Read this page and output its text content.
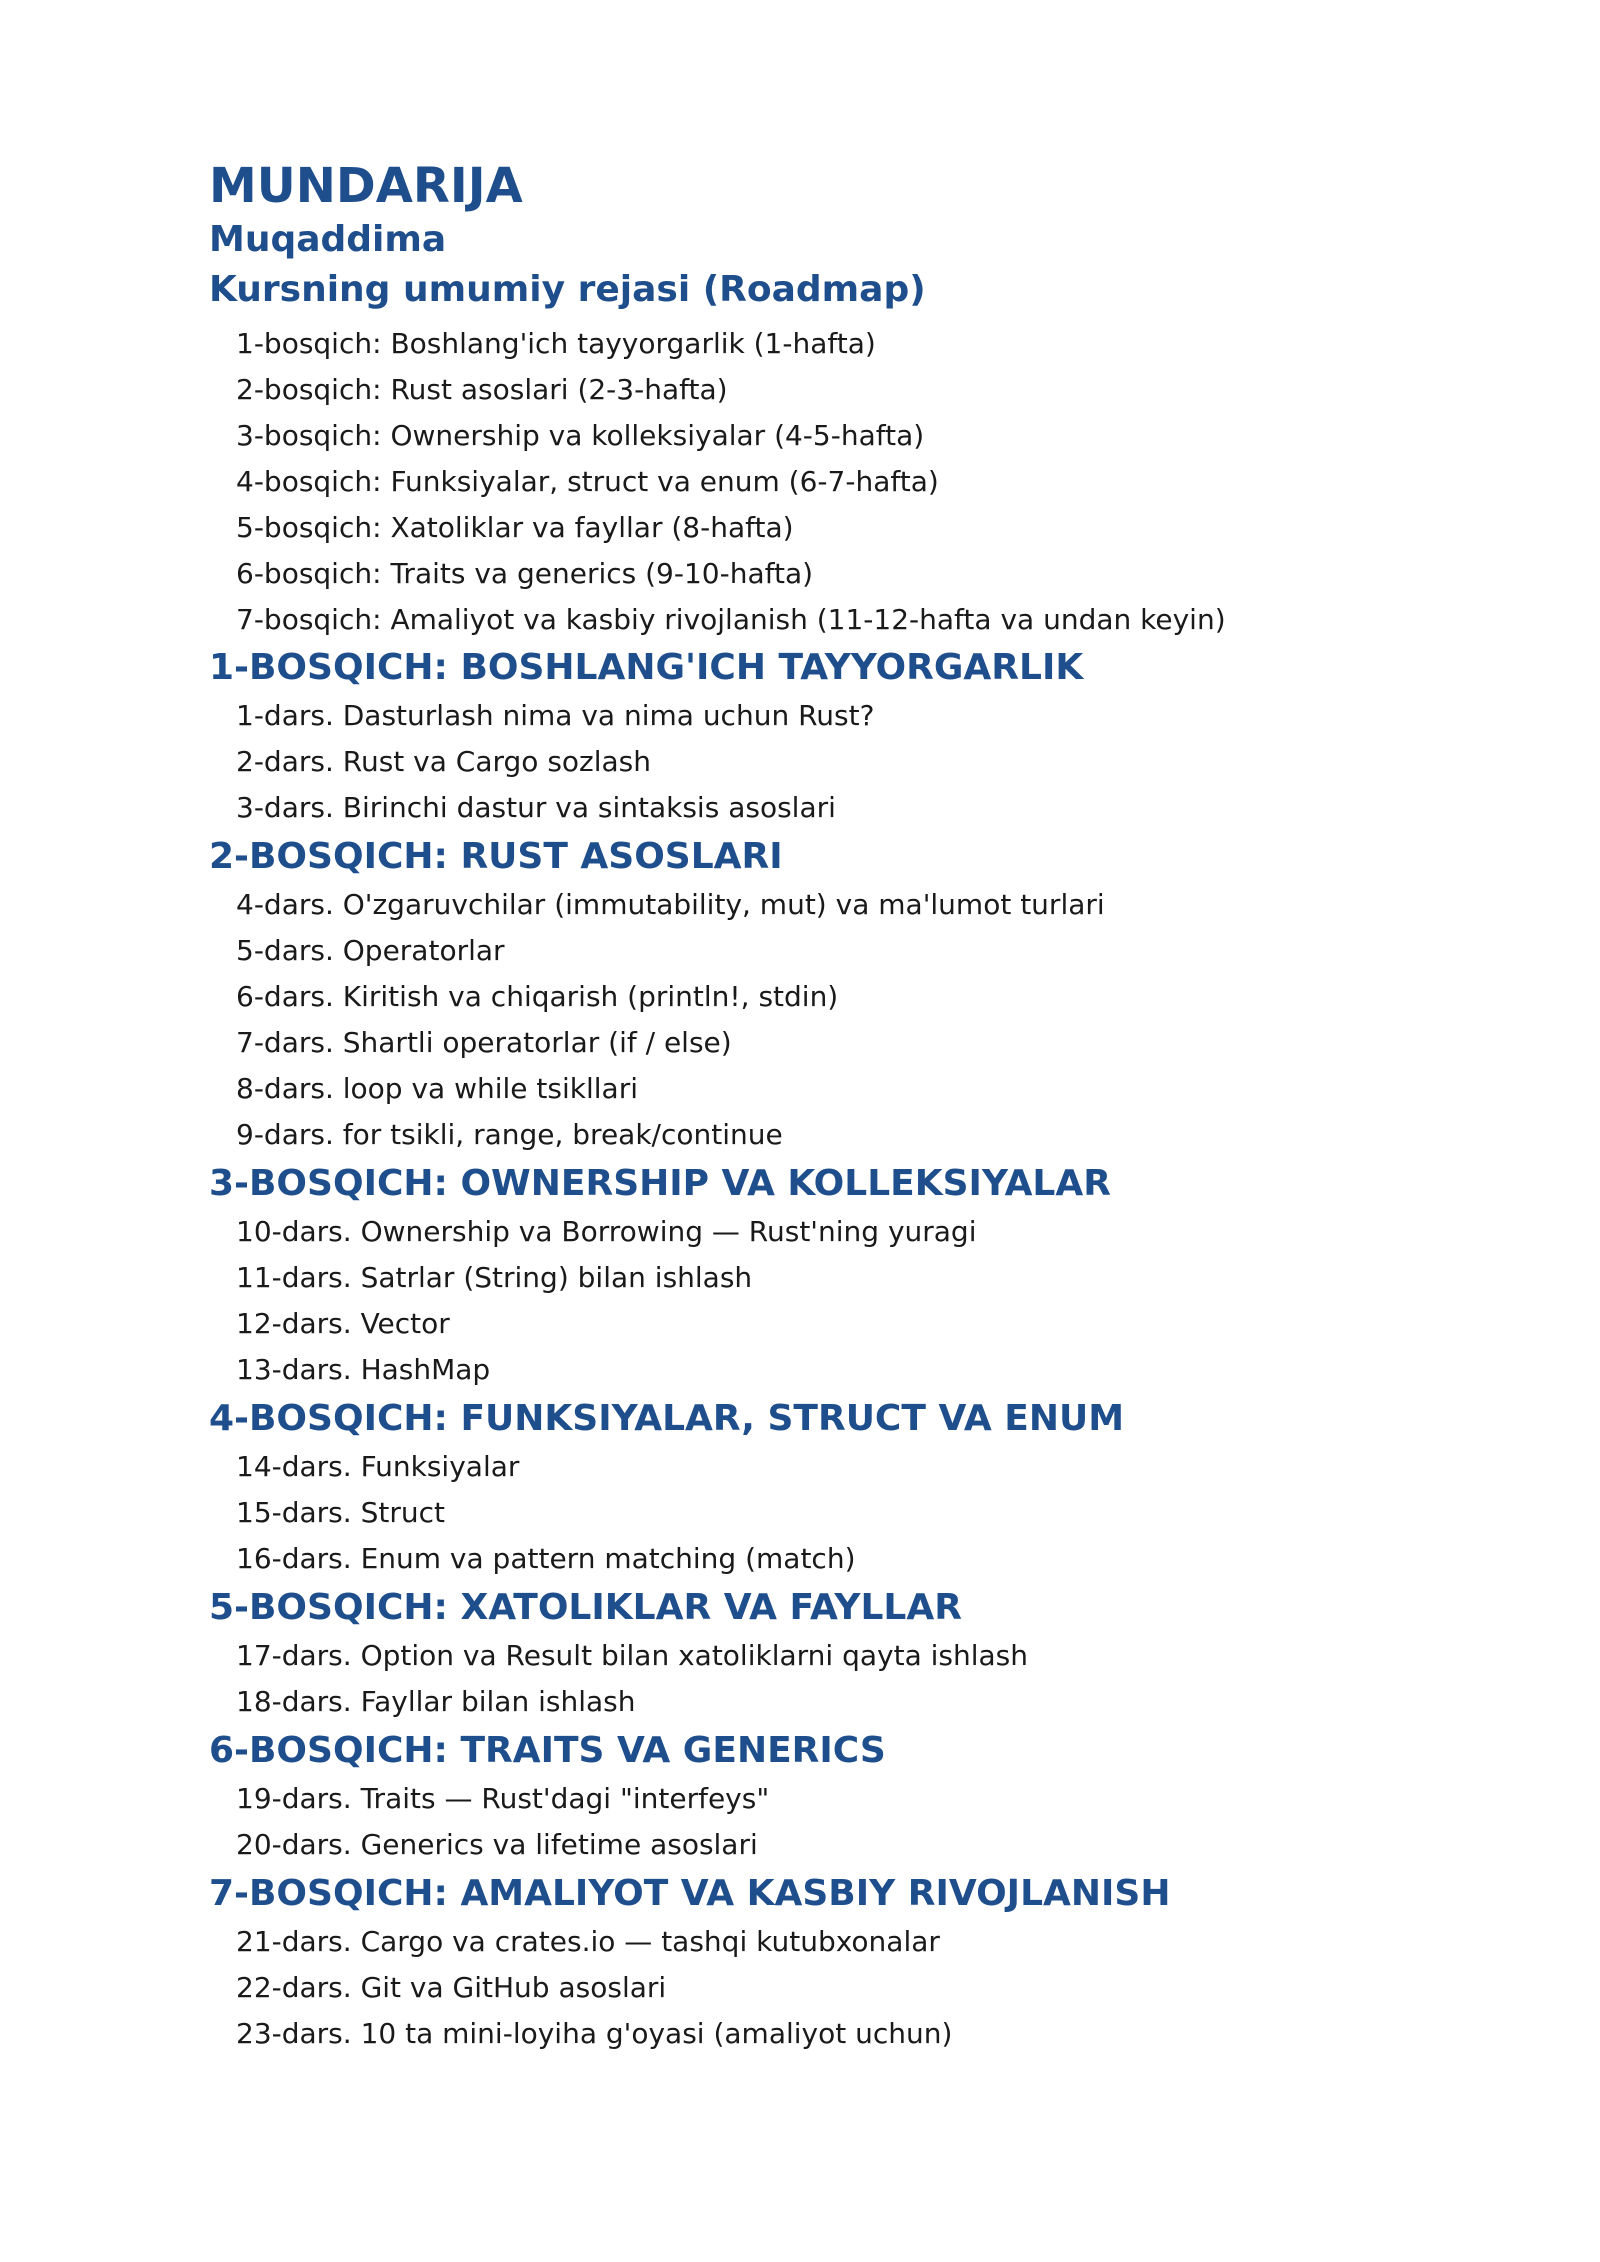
MUNDARIJA
Muqaddima
Kursning umumiy rejasi (Roadmap)
1-bosqich: Boshlang'ich tayyorgarlik (1-hafta)
2-bosqich: Rust asoslari (2-3-hafta)
3-bosqich: Ownership va kolleksiyalar (4-5-hafta)
4-bosqich: Funksiyalar, struct va enum (6-7-hafta)
5-bosqich: Xatoliklar va fayllar (8-hafta)
6-bosqich: Traits va generics (9-10-hafta)
7-bosqich: Amaliyot va kasbiy rivojlanish (11-12-hafta va undan keyin)
1-BOSQICH: BOSHLANG'ICH TAYYORGARLIK
1-dars. Dasturlash nima va nima uchun Rust?
2-dars. Rust va Cargo sozlash
3-dars. Birinchi dastur va sintaksis asoslari
2-BOSQICH: RUST ASOSLARI
4-dars. O'zgaruvchilar (immutability, mut) va ma'lumot turlari
5-dars. Operatorlar
6-dars. Kiritish va chiqarish (println!, stdin)
7-dars. Shartli operatorlar (if / else)
8-dars. loop va while tsikllari
9-dars. for tsikli, range, break/continue
3-BOSQICH: OWNERSHIP VA KOLLEKSIYALAR
10-dars. Ownership va Borrowing — Rust'ning yuragi
11-dars. Satrlar (String) bilan ishlash
12-dars. Vector
13-dars. HashMap
4-BOSQICH: FUNKSIYALAR, STRUCT VA ENUM
14-dars. Funksiyalar
15-dars. Struct
16-dars. Enum va pattern matching (match)
5-BOSQICH: XATOLIKLAR VA FAYLLAR
17-dars. Option va Result bilan xatoliklarni qayta ishlash
18-dars. Fayllar bilan ishlash
6-BOSQICH: TRAITS VA GENERICS
19-dars. Traits — Rust'dagi "interfeys"
20-dars. Generics va lifetime asoslari
7-BOSQICH: AMALIYOT VA KASBIY RIVOJLANISH
21-dars. Cargo va crates.io — tashqi kutubxonalar
22-dars. Git va GitHub asoslari
23-dars. 10 ta mini-loyiha g'oyasi (amaliyot uchun)
